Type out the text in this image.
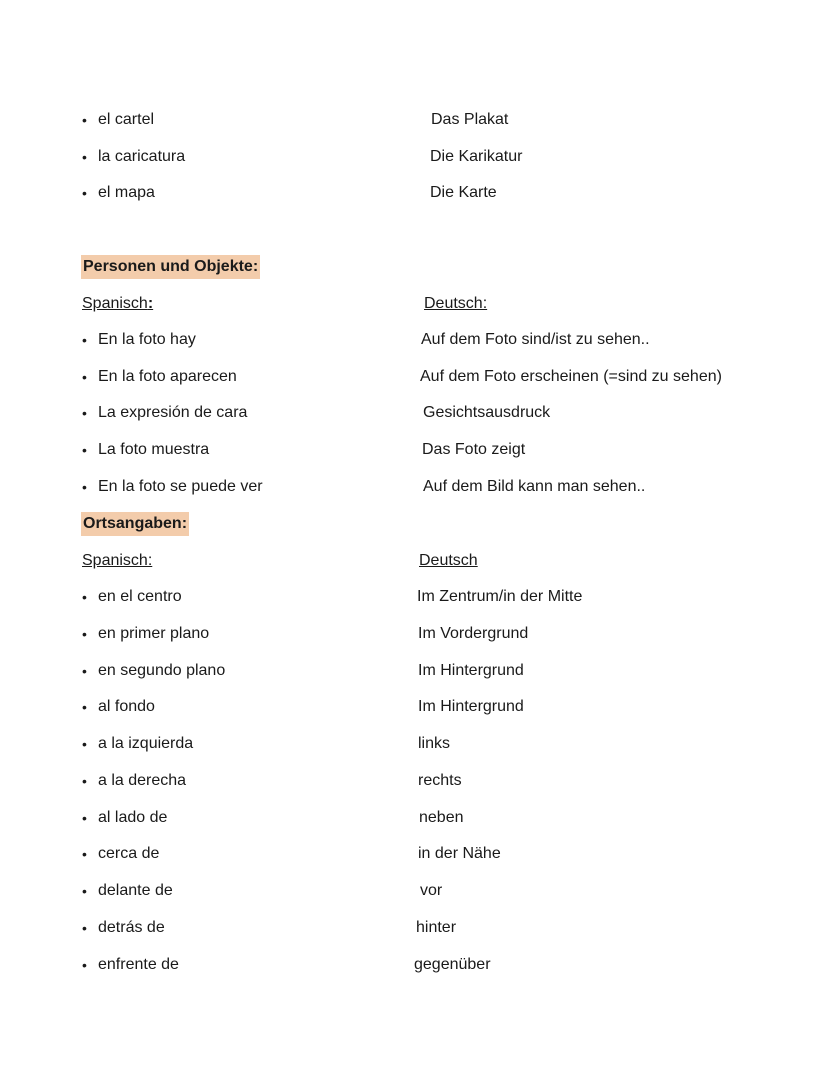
• el cartel	Das Plakat
• la caricatura	Die Karikatur
• el mapa	Die Karte
Personen und Objekte:
Spanisch:	Deutsch:
• En la foto hay	Auf dem Foto sind/ist zu sehen..
• En la foto aparecen	Auf dem Foto erscheinen (=sind zu sehen)
• La expresión de cara	Gesichtsausdruck
• La foto muestra	Das Foto zeigt
• En la foto se puede ver	Auf dem Bild kann man sehen..
Ortsangaben:
Spanisch:	Deutsch
• en el centro	Im Zentrum/in der Mitte
• en primer plano	Im Vordergrund
• en segundo plano	Im Hintergrund
• al fondo	Im Hintergrund
• a la izquierda	links
• a la derecha	rechts
• al lado de	neben
• cerca de	in der Nähe
• delante de	vor
• detrás de	hinter
• enfrente de	gegenüber
